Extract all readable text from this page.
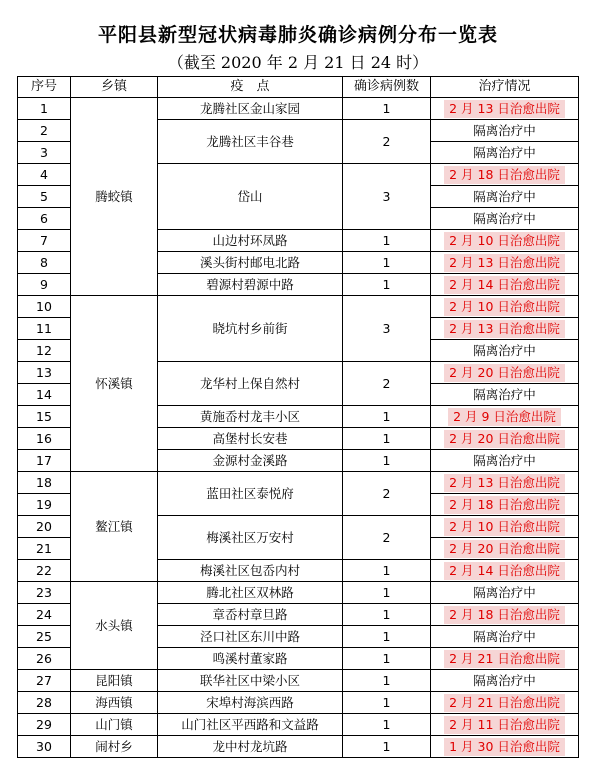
平阳县新型冠状病毒肺炎确诊病例分布一览表
（截至 2020 年 2 月 21 日 24 时）
序号	乡镇	疫　点	确诊病例数	治疗情况
1	腾蛟镇	龙腾社区金山家园	1	2 月 13 日治愈出院
2		龙腾社区丰谷巷	2	隔离治疗中
3				隔离治疗中
4		岱山	3	2 月 18 日治愈出院
5				隔离治疗中
6				隔离治疗中
7		山边村环凤路	1	2 月 10 日治愈出院
8		溪头街村邮电北路	1	2 月 13 日治愈出院
9		碧源村碧源中路	1	2 月 14 日治愈出院
10	怀溪镇	晓坑村乡前街	3	2 月 10 日治愈出院
11				2 月 13 日治愈出院
12				隔离治疗中
13		龙华村上保自然村	2	2 月 20 日治愈出院
14				隔离治疗中
15		黄施岙村龙丰小区	1	2 月 9 日治愈出院
16		高堡村长安巷	1	2 月 20 日治愈出院
17		金源村金溪路	1	隔离治疗中
18	鳌江镇	蓝田社区泰悦府	2	2 月 13 日治愈出院
19				2 月 18 日治愈出院
20		梅溪社区万安村	2	2 月 10 日治愈出院
21				2 月 20 日治愈出院
22		梅溪社区包岙内村	1	2 月 14 日治愈出院
23	水头镇	腾北社区双林路	1	隔离治疗中
24		章岙村章旦路	1	2 月 18 日治愈出院
25		泾口社区东川中路	1	隔离治疗中
26		鸣溪村董家路	1	2 月 21 日治愈出院
27	昆阳镇	联华社区中梁小区	1	隔离治疗中
28	海西镇	宋埠村海滨西路	1	2 月 21 日治愈出院
29	山门镇	山门社区平西路和文益路	1	2 月 11 日治愈出院
30	闹村乡	龙中村龙坑路	1	1 月 30 日治愈出院
